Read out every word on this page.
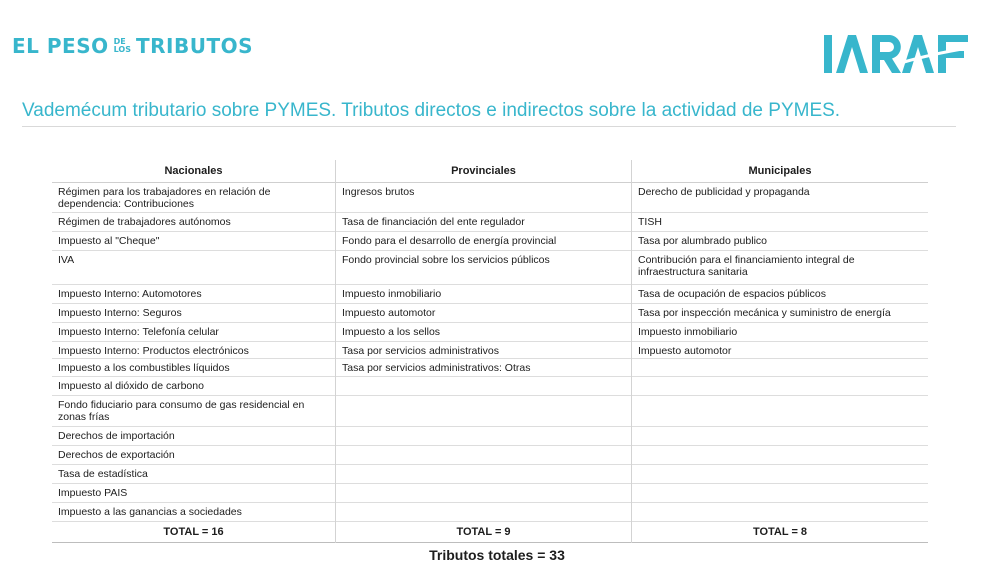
EL PESO DE
LOS TRIBUTOS
Vademécum tributario sobre PYMES. Tributos directos e indirectos sobre la actividad de PYMES.
Nacionales
Régimen para los trabajadores en relación de dependencia: Contribuciones
Régimen de trabajadores autónomos
Impuesto al "Cheque"
IVA
Impuesto Interno: Automotores
Impuesto Interno: Seguros
Impuesto Interno: Telefonía celular
Impuesto Interno: Productos electrónicos
Impuesto a los combustibles líquidos
Impuesto al dióxido de carbono
Fondo fiduciario para consumo de gas residencial en zonas frías
Derechos de importación
Derechos de exportación
Tasa de estadística
Impuesto PAIS
Impuesto a las ganancias a sociedades
TOTAL = 16
Provinciales
Ingresos brutos
Tasa de financiación del ente regulador
Fondo para el desarrollo de energía provincial
Fondo provincial sobre los servicios públicos
Impuesto inmobiliario
Impuesto automotor
Impuesto a los sellos
Tasa por servicios administrativos
Tasa por servicios administrativos: Otras
TOTAL = 9
Municipales
Derecho de publicidad y propaganda
TISH
Tasa por alumbrado publico
Contribución para el financiamiento integral de infraestructura sanitaria
Tasa de ocupación de espacios públicos
Tasa por inspección mecánica y suministro de energía
Impuesto inmobiliario
Impuesto automotor
TOTAL = 8
Tributos totales = 33
